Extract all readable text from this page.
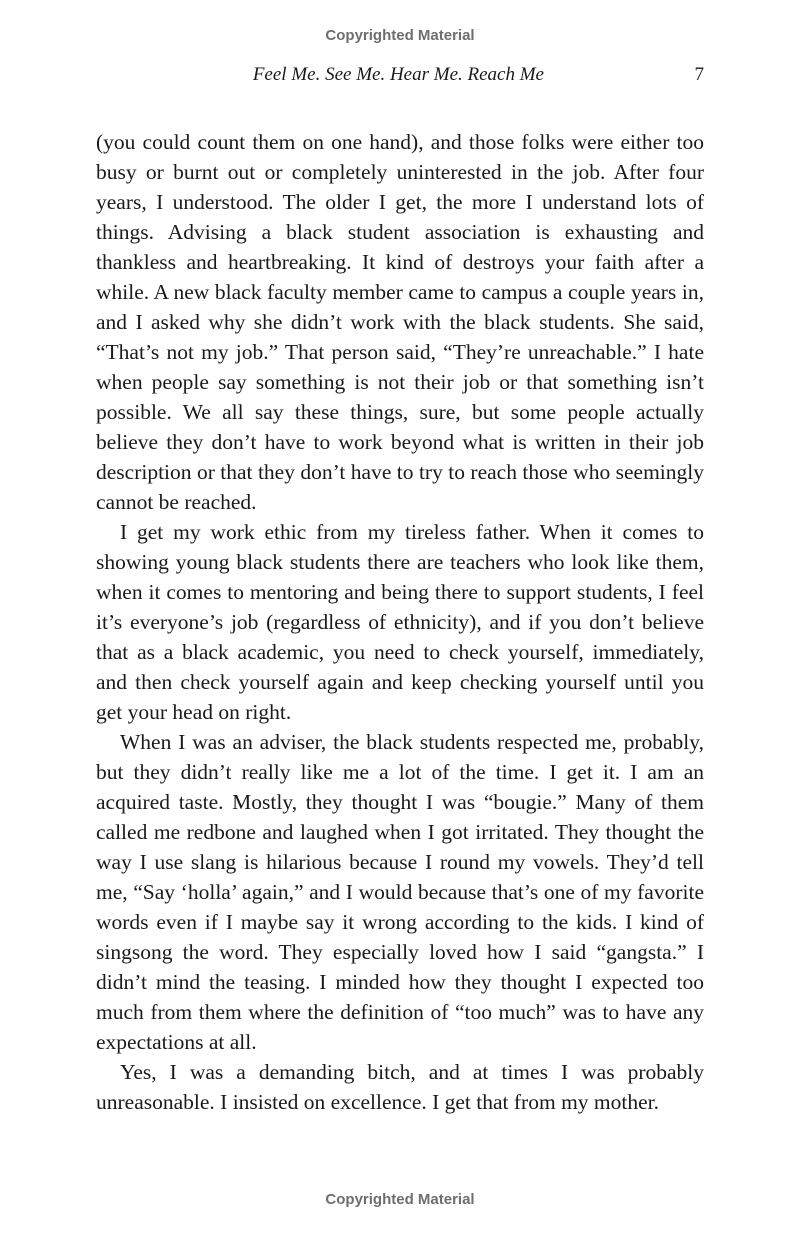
Copyrighted Material
Feel Me. See Me. Hear Me. Reach Me	7

(you could count them on one hand), and those folks were either too busy or burnt out or completely uninterested in the job. After four years, I understood. The older I get, the more I understand lots of things. Advising a black student association is exhausting and thankless and heartbreaking. It kind of destroys your faith after a while. A new black faculty member came to campus a couple years in, and I asked why she didn’t work with the black students. She said, “That’s not my job.” That person said, “They’re unreachable.” I hate when people say something is not their job or that something isn’t possible. We all say these things, sure, but some people actually believe they don’t have to work beyond what is written in their job description or that they don’t have to try to reach those who seemingly cannot be reached.

I get my work ethic from my tireless father. When it comes to showing young black students there are teachers who look like them, when it comes to mentoring and being there to support students, I feel it’s everyone’s job (regardless of ethnicity), and if you don’t believe that as a black academic, you need to check yourself, immediately, and then check yourself again and keep checking yourself until you get your head on right.

When I was an adviser, the black students respected me, probably, but they didn’t really like me a lot of the time. I get it. I am an acquired taste. Mostly, they thought I was “bougie.” Many of them called me redbone and laughed when I got irritated. They thought the way I use slang is hilarious because I round my vowels. They’d tell me, “Say ‘holla’ again,” and I would because that’s one of my favorite words even if I maybe say it wrong according to the kids. I kind of singsong the word. They especially loved how I said “gangsta.” I didn’t mind the teasing. I minded how they thought I expected too much from them where the definition of “too much” was to have any expectations at all.

Yes, I was a demanding bitch, and at times I was probably unreasonable. I insisted on excellence. I get that from my mother.

Copyrighted Material
